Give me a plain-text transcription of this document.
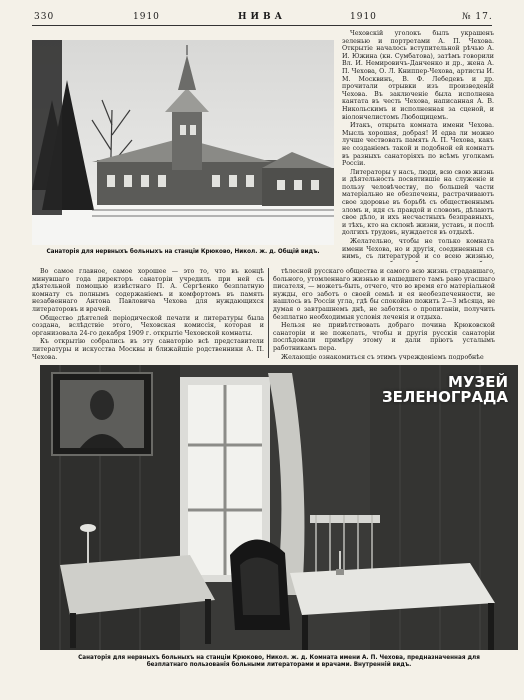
330	1910	НИВА	1910	№ 17.
Санаторія для нервныхъ больныхъ на станціи Крюково, Никол. ж. д. Общій видъ.

Чеховскій уголокъ былъ украшенъ зеленью и портретами А. П. Чехова. Открытіе началось вступительной рѣчью А. И. Южина (кн. Сумбатова), затѣмъ говорили Вл. И. Немировичъ-Данченко и др., жена А. П. Чехова, О. Л. Книппер-Чехова, артисты И. М. Москвинъ, В. Ф. Лебедевъ и др. прочитали отрывки изъ произведеній Чехова. Въ заключеніе была исполнена кантата въ честь Чехова, написанная А. В. Никольскимъ и исполненная за сценой, и віолончелистомъ Любощицемъ.

Итакъ, открыта комната имени Чехова. Мысль хорошая, добрая! И едва ли можно лучше чествовать память А. П. Чехова, какъ не созданіемъ такой и подобной ей комнатъ въ разныхъ санаторіяхъ по всѣмъ уголкамъ Россіи.

Литераторы у насъ, люди, всю свою жизнь и дѣятельность посвятившіе на служеніе и пользу человѣчеству, по большей части матеріально не обезпечены, растрачиваютъ свое здоровье въ борьбѣ съ общественнымъ зломъ и, идя съ правдой и словомъ, дѣлаютъ свое дѣло, и ихъ несчастныхъ безправныхъ, и тѣхъ, кто на склонѣ жизни, уставъ, и послѣ долгихъ трудовъ, нуждается въ отдыхѣ.

Желательно, чтобы не только комната имени Чехова, но и другія, соединенныя съ нимъ, съ литературой и со всею жизнью,

Во самое главное, самое хорошее — это то, что въ концѣ минувшаго года директоръ санаторіи учредилъ при ней съ дѣятельной помощью извѣстнаго П. А. Сергѣенко безплатную комнату съ полнымъ содержаніемъ и комфортомъ въ память незабвеннаго Антона Павловича Чехова для нуждающихся литераторовъ и врачей.

Общество дѣятелей періодической печати и литературы была создана, вслѣдствіе этого, Чеховская комиссія, которая и организовала 24-го декабря 1909 г. открытіе Чеховской комнаты.

Къ открытію собрались въ эту санаторію всѣ представители литературы и искусства Москвы и ближайшіе родственники А. П. Чехова.

тѣлесной русскаго общества и самого всю жизнь страдавшаго, больного, утомленнаго жизнью и нашедшего тамъ рано угасшаго писателя, — можетъ-быть, отчего, что во время его матеріальной нужды, его заботъ о своей семьѣ и ея необезпеченности, не нашлось въ Россіи угла, гдѣ бы спокойно пожить 2—3 мѣсяца, не думая о завтрашнемъ днѣ, не заботясь о пропитаніи, получить безплатно необходимыя условія леченія и отдыха.

Нельзя не привѣтствовать добраго почина Крюковской санаторіи и не пожелать, чтобы и другія русскія санаторіи послѣдовали примѣру этому и дали пріютъ усталымъ работникамъ пера.

Желающіе ознакомиться съ этимъ учрежденіемъ подробнѣе

МУЗЕЙ
ЗЕЛЕНОГРАДА
Санаторія для нервныхъ больныхъ на станціи Крюково, Никол. ж. д. Комната имени А. П. Чехова, предназначенная для
безплатнаго пользованія больными литераторами и врачами. Внутренній видъ.
